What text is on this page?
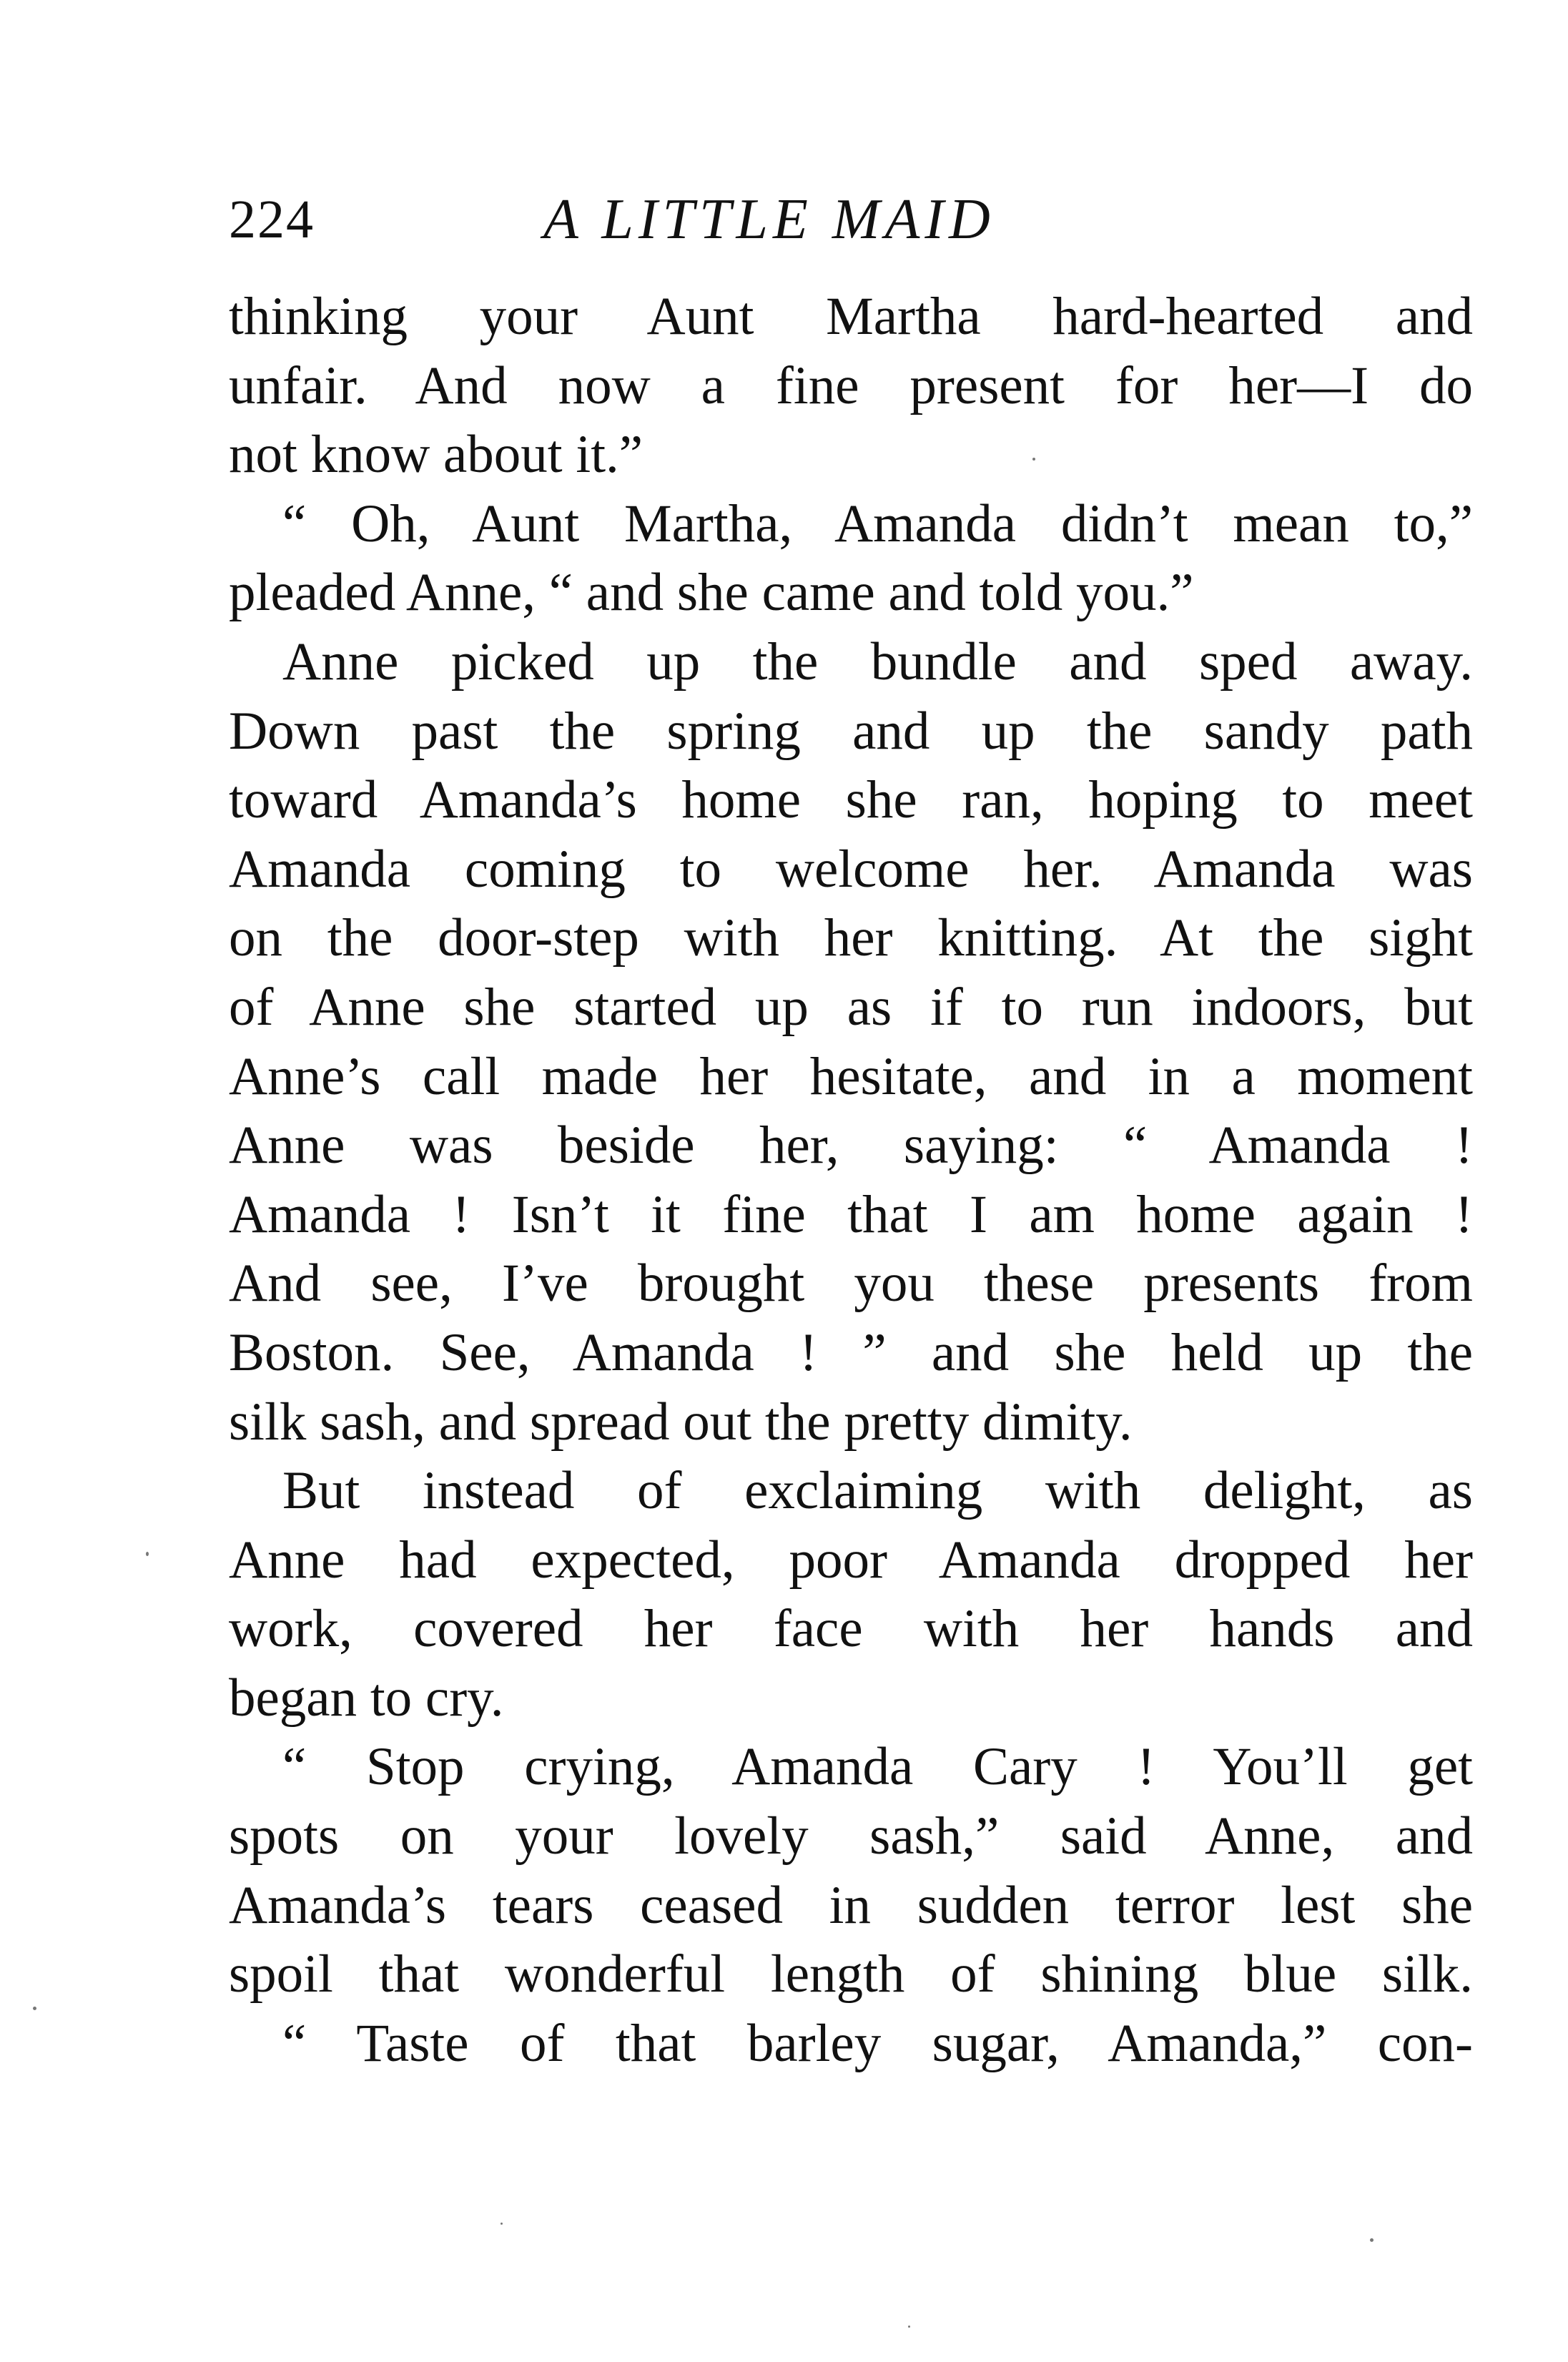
224	A LITTLE MAID
thinking your Aunt Martha hard-hearted and
unfair. And now a fine present for her—I do
not know about it.”
“ Oh, Aunt Martha, Amanda didn’t mean to,”
pleaded Anne, “ and she came and told you.”
Anne picked up the bundle and sped away.
Down past the spring and up the sandy path
toward Amanda’s home she ran, hoping to meet
Amanda coming to welcome her. Amanda was
on the door-step with her knitting. At the sight
of Anne she started up as if to run indoors, but
Anne’s call made her hesitate, and in a moment
Anne was beside her, saying: “ Amanda !
Amanda ! Isn’t it fine that I am home again !
And see, I’ve brought you these presents from
Boston. See, Amanda ! ” and she held up the
silk sash, and spread out the pretty dimity.
But instead of exclaiming with delight, as
Anne had expected, poor Amanda dropped her
work, covered her face with her hands and
began to cry.
“ Stop crying, Amanda Cary ! You’ll get
spots on your lovely sash,” said Anne, and
Amanda’s tears ceased in sudden terror lest she
spoil that wonderful length of shining blue silk.
“ Taste of that barley sugar, Amanda,” con-
